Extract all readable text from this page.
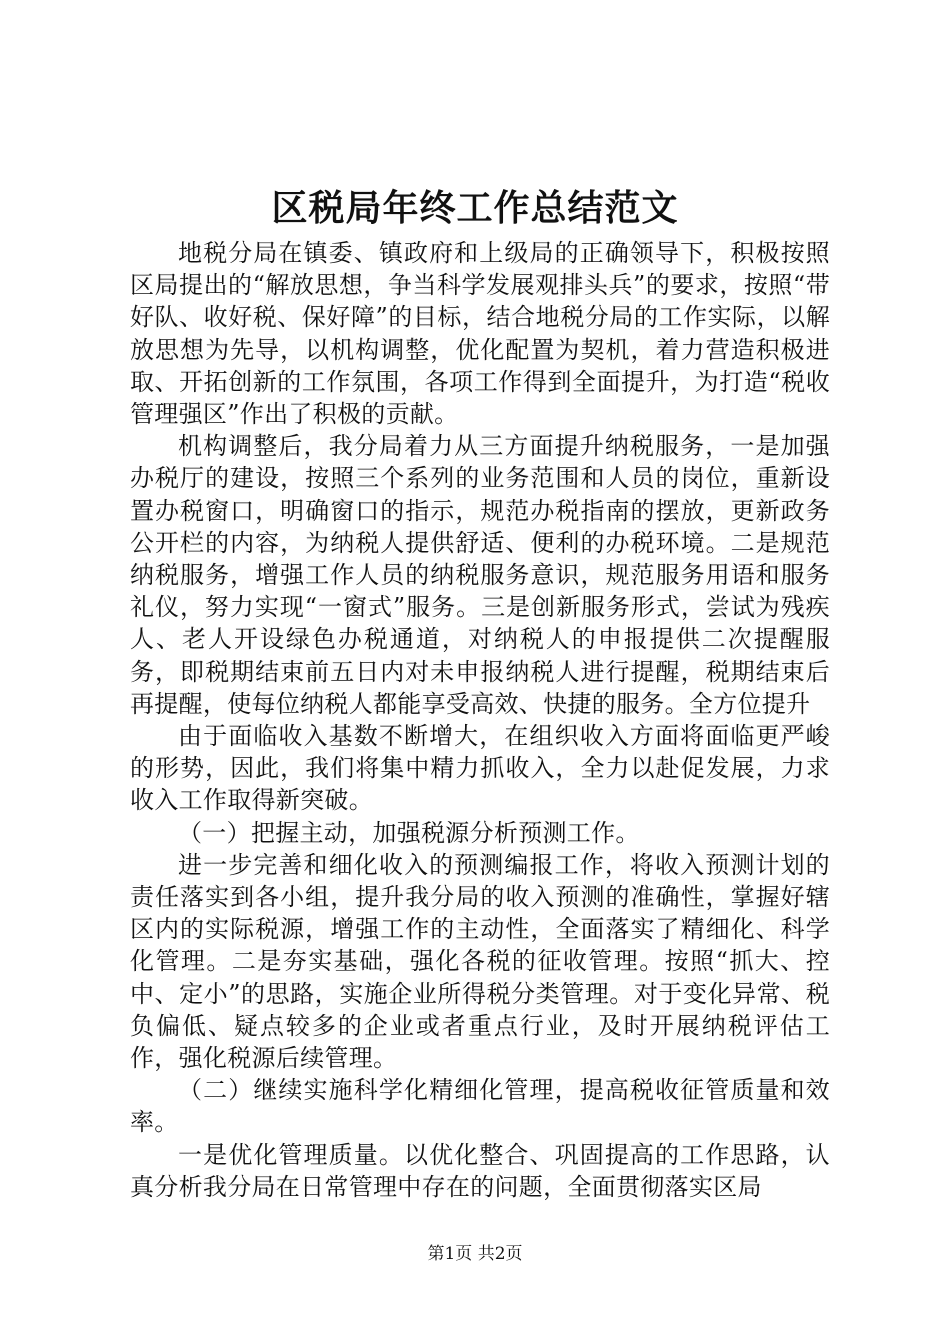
区税局年终工作总结范文

地税分局在镇委、镇政府和上级局的正确领导下，积极按照区局提出的“解放思想，争当科学发展观排头兵”的要求，按照“带好队、收好税、保好障”的目标，结合地税分局的工作实际，以解放思想为先导，以机构调整，优化配置为契机，着力营造积极进取、开拓创新的工作氛围，各项工作得到全面提升，为打造“税收管理强区”作出了积极的贡献。

机构调整后，我分局着力从三方面提升纳税服务，一是加强办税厅的建设，按照三个系列的业务范围和人员的岗位，重新设置办税窗口，明确窗口的指示，规范办税指南的摆放，更新政务公开栏的内容，为纳税人提供舒适、便利的办税环境。二是规范纳税服务，增强工作人员的纳税服务意识，规范服务用语和服务礼仪，努力实现“一窗式”服务。三是创新服务形式，尝试为残疾人、老人开设绿色办税通道，对纳税人的申报提供二次提醒服务，即税期结束前五日内对未申报纳税人进行提醒，税期结束后再提醒，使每位纳税人都能享受高效、快捷的服务。全方位提升

由于面临收入基数不断增大，在组织收入方面将面临更严峻的形势，因此，我们将集中精力抓收入，全力以赴促发展，力求收入工作取得新突破。

（一）把握主动，加强税源分析预测工作。

进一步完善和细化收入的预测编报工作，将收入预测计划的责任落实到各小组，提升我分局的收入预测的准确性，掌握好辖区内的实际税源，增强工作的主动性，全面落实了精细化、科学化管理。二是夯实基础，强化各税的征收管理。按照“抓大、控中、定小”的思路，实施企业所得税分类管理。对于变化异常、税负偏低、疑点较多的企业或者重点行业，及时开展纳税评估工作，强化税源后续管理。

（二）继续实施科学化精细化管理，提高税收征管质量和效率。

一是优化管理质量。以优化整合、巩固提高的工作思路，认真分析我分局在日常管理中存在的问题，全面贯彻落实区局

第1页 共2页
